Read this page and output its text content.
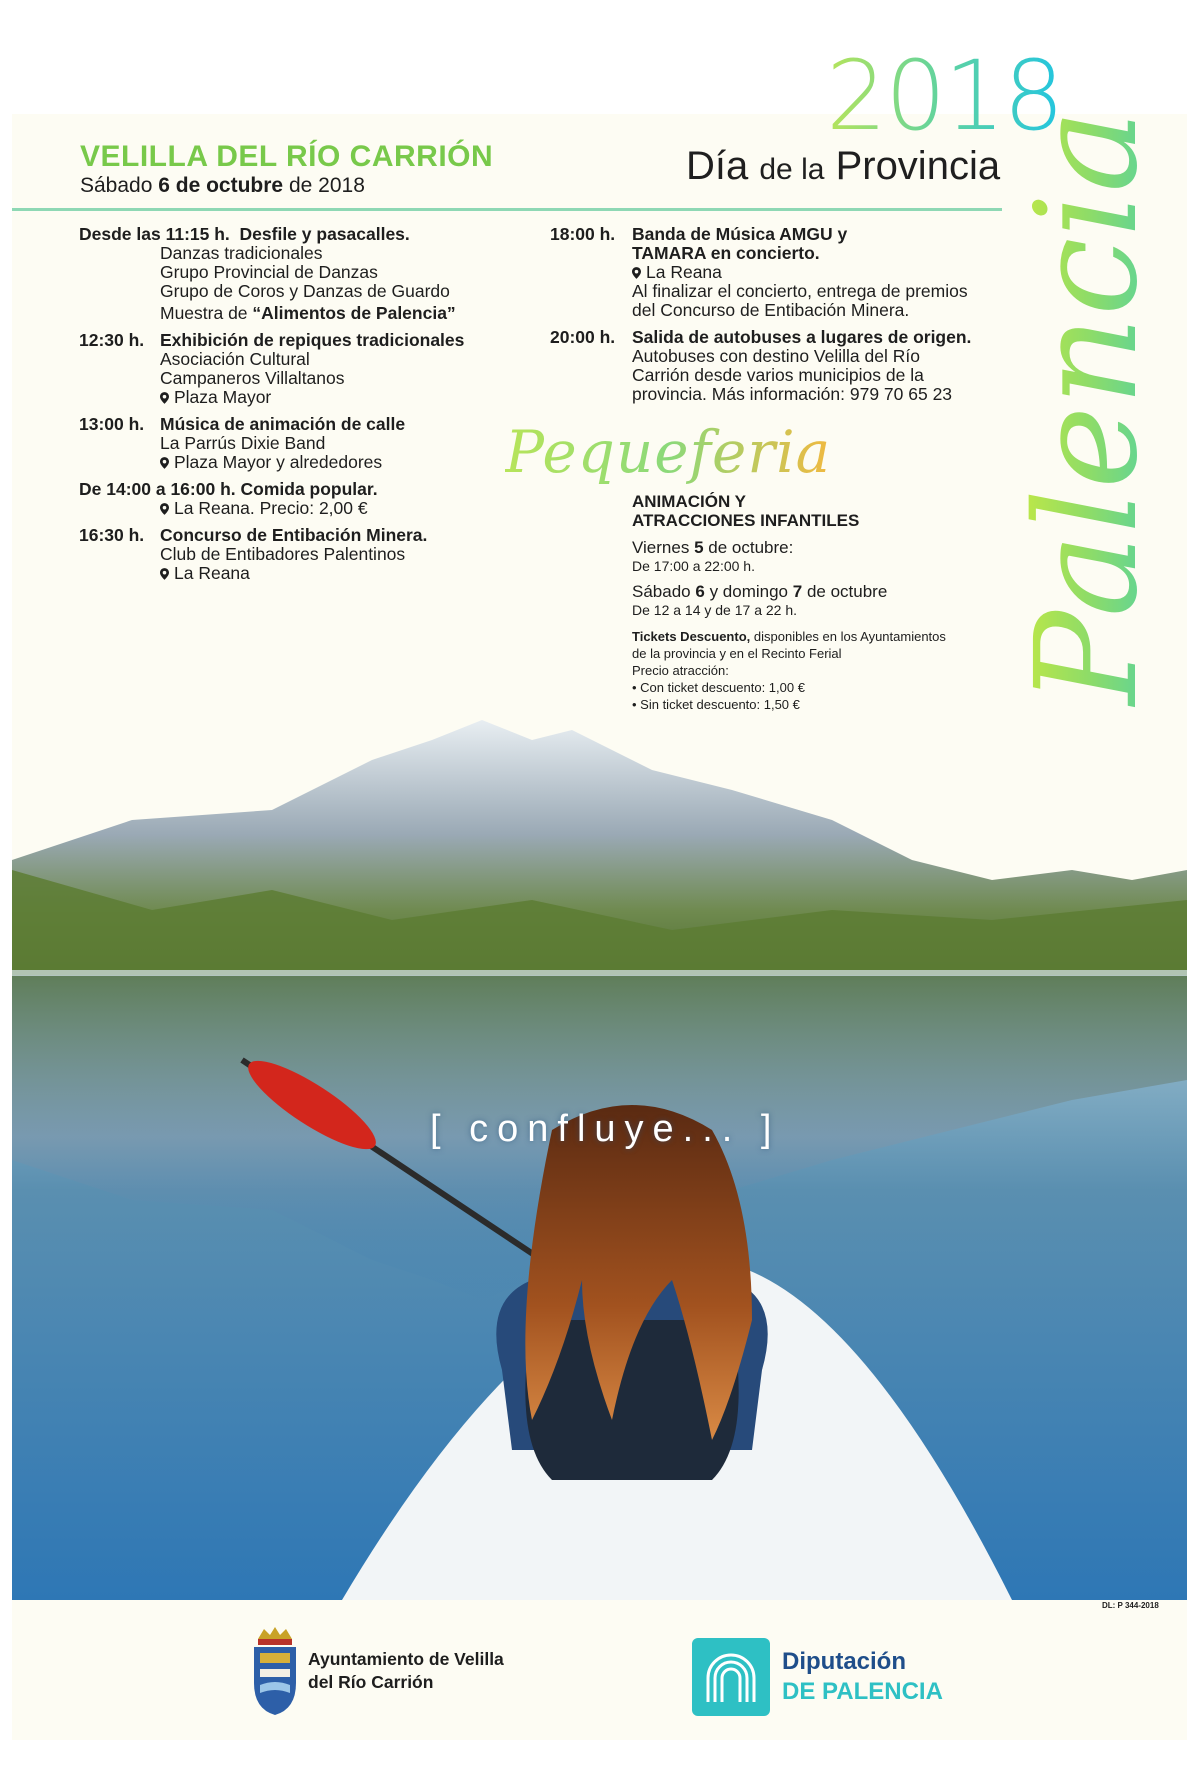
2018
Palencia
Día de la Provincia
VELILLA DEL RÍO CARRIÓN
Sábado 6 de octubre de 2018
Desde las 11:15 h. Desfile y pasacalles.
Danzas tradicionales
Grupo Provincial de Danzas
Grupo de Coros y Danzas de Guardo
Muestra de “Alimentos de Palencia”
12:30 h. Exhibición de repiques tradicionales
Asociación Cultural
Campaneros Villaltanos
Plaza Mayor
13:00 h. Música de animación de calle
La Parrús Dixie Band
Plaza Mayor y alrededores
De 14:00 a 16:00 h. Comida popular.
La Reana. Precio: 2,00 €
16:30 h. Concurso de Entibación Minera.
Club de Entibadores Palentinos
La Reana
18:00 h. Banda de Música AMGU y
TAMARA en concierto.
La Reana
Al finalizar el concierto, entrega de premios
del Concurso de Entibación Minera.
20:00 h. Salida de autobuses a lugares de origen.
Autobuses con destino Velilla del Río
Carrión desde varios municipios de la
provincia. Más información: 979 70 65 23
Pequeferia
ANIMACIÓN Y
ATRACCIONES INFANTILES
Viernes 5 de octubre:
De 17:00 a 22:00 h.
Sábado 6 y domingo 7 de octubre
De 12 a 14 y de 17 a 22 h.
Tickets Descuento, disponibles en los Ayuntamientos
de la provincia y en el Recinto Ferial
Precio atracción:
• Con ticket descuento: 1,00 €
• Sin ticket descuento: 1,50 €
[ confluye... ]
DL: P 344-2018
Ayuntamiento de Velilla
del Río Carrión
Diputación
DE PALENCIA
